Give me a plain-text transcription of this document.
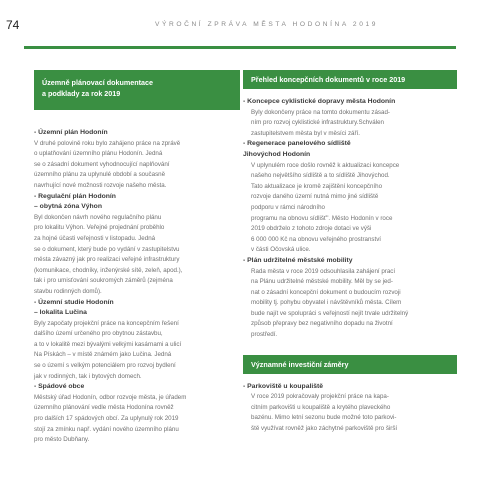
74	VÝROČNÍ ZPRÁVA MĚSTA HODONÍNA 2019
Územně plánovací dokumentace
a podklady za rok 2019
- Územní plán Hodonín
V druhé polovině roku bylo zahájeno práce na zprávě
o uplatňování územního plánu Hodonín. Jedná
se o zásadní dokument vyhodnocující naplňování
územního plánu za uplynulé období a současně
navrhující nové možnosti rozvoje našeho města.
- Regulační plán Hodonín
– obytná zóna Výhon
Byl dokončen návrh nového regulačního plánu
pro lokalitu Výhon. Veřejné projednání proběhlo
za hojné účasti veřejnosti v listopadu. Jedná
se o dokument, který bude po vydání v zastupitelstvu
města závazný jak pro realizaci veřejné infrastruktury
(komunikace, chodníky, inženýrské sítě, zeleň, apod.),
tak i pro umisťování soukromých záměrů (zejména
stavbu rodinných domů).
- Územní studie Hodonín
– lokalita Lučina
Byly započaty projekční práce na koncepčním řešení
dalšího území určeného pro obytnou zástavbu,
a to v lokalitě mezi bývalými velkými kasárnami a ulicí
Na Pískách – v místě známém jako Lučina. Jedná
se o území s velkým potenciálem pro rozvoj bydlení
jak v rodinných, tak i bytových domech.
- Spádové obce
Městský úřad Hodonín, odbor rozvoje města, je úřadem
územního plánování vedle města Hodonína rovněž
pro dalších 17 spádových obcí. Za uplynulý rok 2019
stojí za zmínku např. vydání nového územního plánu
pro město Dubňany.
Přehled koncepčních dokumentů v roce 2019
- Koncepce cyklistické dopravy města Hodonín
Byly dokončeny práce na tomto dokumentu zásad-
ním pro rozvoj cyklistické infrastruktury.Schválen
zastupitelstvem města byl v měsíci září.
- Regenerace panelového sídliště
Jihovýchod Hodonín
V uplynulém roce došlo rovněž k aktualizaci koncepce
našeho největšího sídliště a to sídliště Jihovýchod.
Tato aktualizace je kromě zajištění koncepčního
rozvoje daného území nutná mimo jiné sídliště
podporu v rámci národního
programu na obnovu sídlišť". Město Hodonín v roce
2019 obdrželo z tohoto zdroje dotaci ve výši
6 000 000 Kč na obnovu veřejného prostranství
v části Očovská ulice.
- Plán udržitelné městské mobility
Rada města v roce 2019 odsouhlasila zahájení prací
na Plánu udržitelné městské mobility. Měl by se jed-
nat o zásadní koncepční dokument o budoucím rozvoji
mobility tj. pohybu obyvatel i návštěvníků města. Cílem
bude najít ve spolupráci s veřejností nejít trvale udržitelný
způsob přepravy bez negativního dopadu na životní
prostředí.
Významné investiční záměry
- Parkoviště u koupaliště
V roce 2019 pokračovaly projekční práce na kapa-
citním parkovišti u koupaliště a krytého plaveckého
bazénu. Mimo letní sezonu bude možné toto parkovi-
ště využívat rovněž jako záchytné parkoviště pro širší
